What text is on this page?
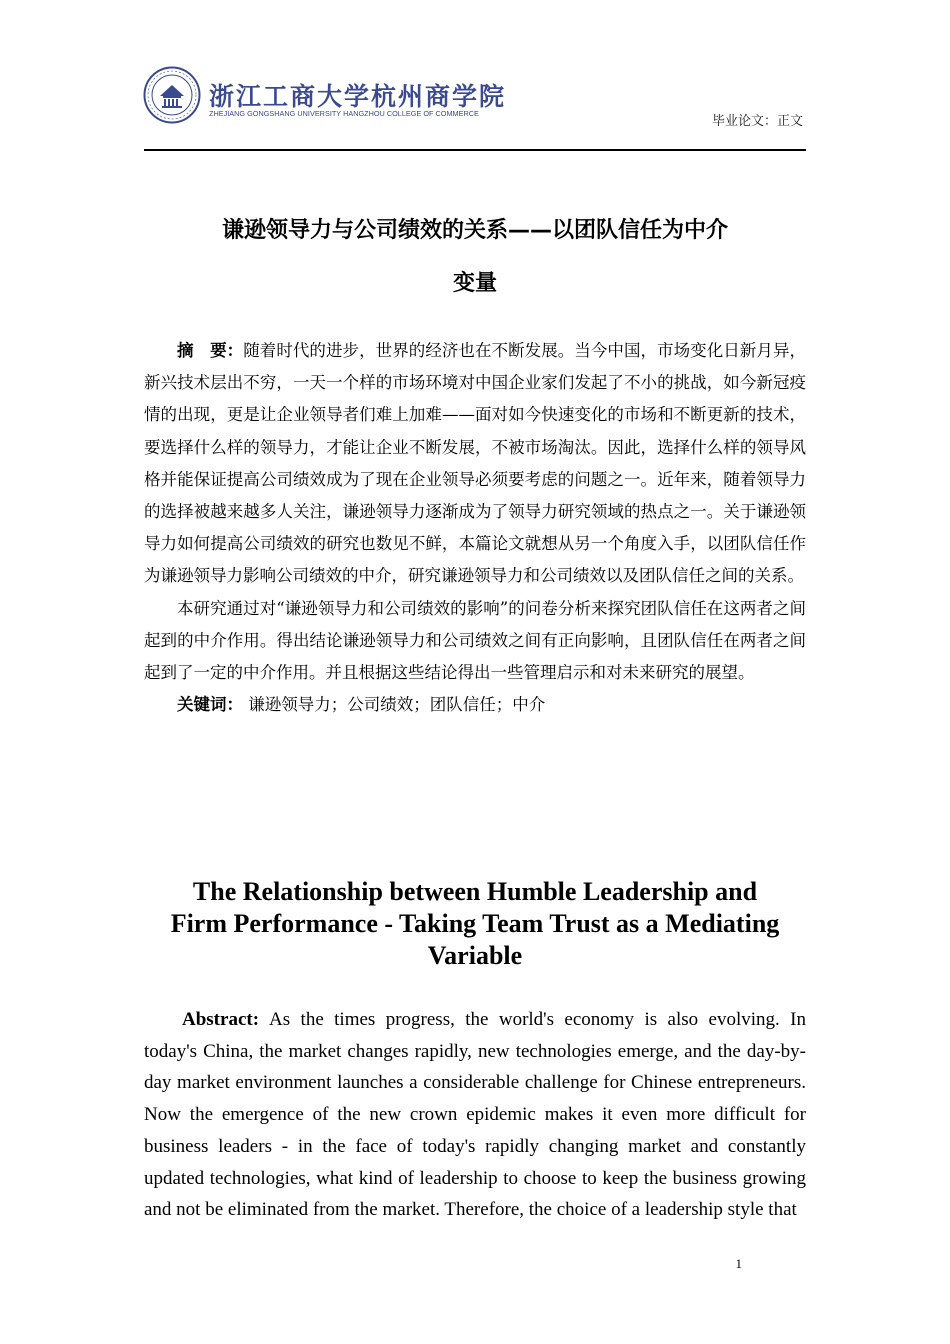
浙江工商大学杭州商学院
ZHEJIANG GONGSHANG UNIVERSITY HANGZHOU COLLEGE OF COMMERCE
毕业论文：正文
谦逊领导力与公司绩效的关系——以团队信任为中介
变量

摘　要：随着时代的进步，世界的经济也在不断发展。当今中国，市场变化日新月异，新兴技术层出不穷，一天一个样的市场环境对中国企业家们发起了不小的挑战，如今新冠疫情的出现，更是让企业领导者们难上加难——面对如今快速变化的市场和不断更新的技术，要选择什么样的领导力，才能让企业不断发展，不被市场淘汰。因此，选择什么样的领导风格并能保证提高公司绩效成为了现在企业领导必须要考虑的问题之一。近年来，随着领导力的选择被越来越多人关注，谦逊领导力逐渐成为了领导力研究领域的热点之一。关于谦逊领导力如何提高公司绩效的研究也数见不鲜，本篇论文就想从另一个角度入手，以团队信任作为谦逊领导力影响公司绩效的中介，研究谦逊领导力和公司绩效以及团队信任之间的关系。

本研究通过对“谦逊领导力和公司绩效的影响”的问卷分析来探究团队信任在这两者之间起到的中介作用。得出结论谦逊领导力和公司绩效之间有正向影响，且团队信任在两者之间起到了一定的中介作用。并且根据这些结论得出一些管理启示和对未来研究的展望。

关键词： 谦逊领导力；公司绩效；团队信任；中介

The Relationship between Humble Leadership and
Firm Performance - Taking Team Trust as a Mediating
Variable

Abstract: As the times progress, the world's economy is also evolving. In today's China, the market changes rapidly, new technologies emerge, and the day-by-day market environment launches a considerable challenge for Chinese entrepreneurs. Now the emergence of the new crown epidemic makes it even more difficult for business leaders - in the face of today's rapidly changing market and constantly updated technologies, what kind of leadership to choose to keep the business growing and not be eliminated from the market. Therefore, the choice of a leadership style that

1
